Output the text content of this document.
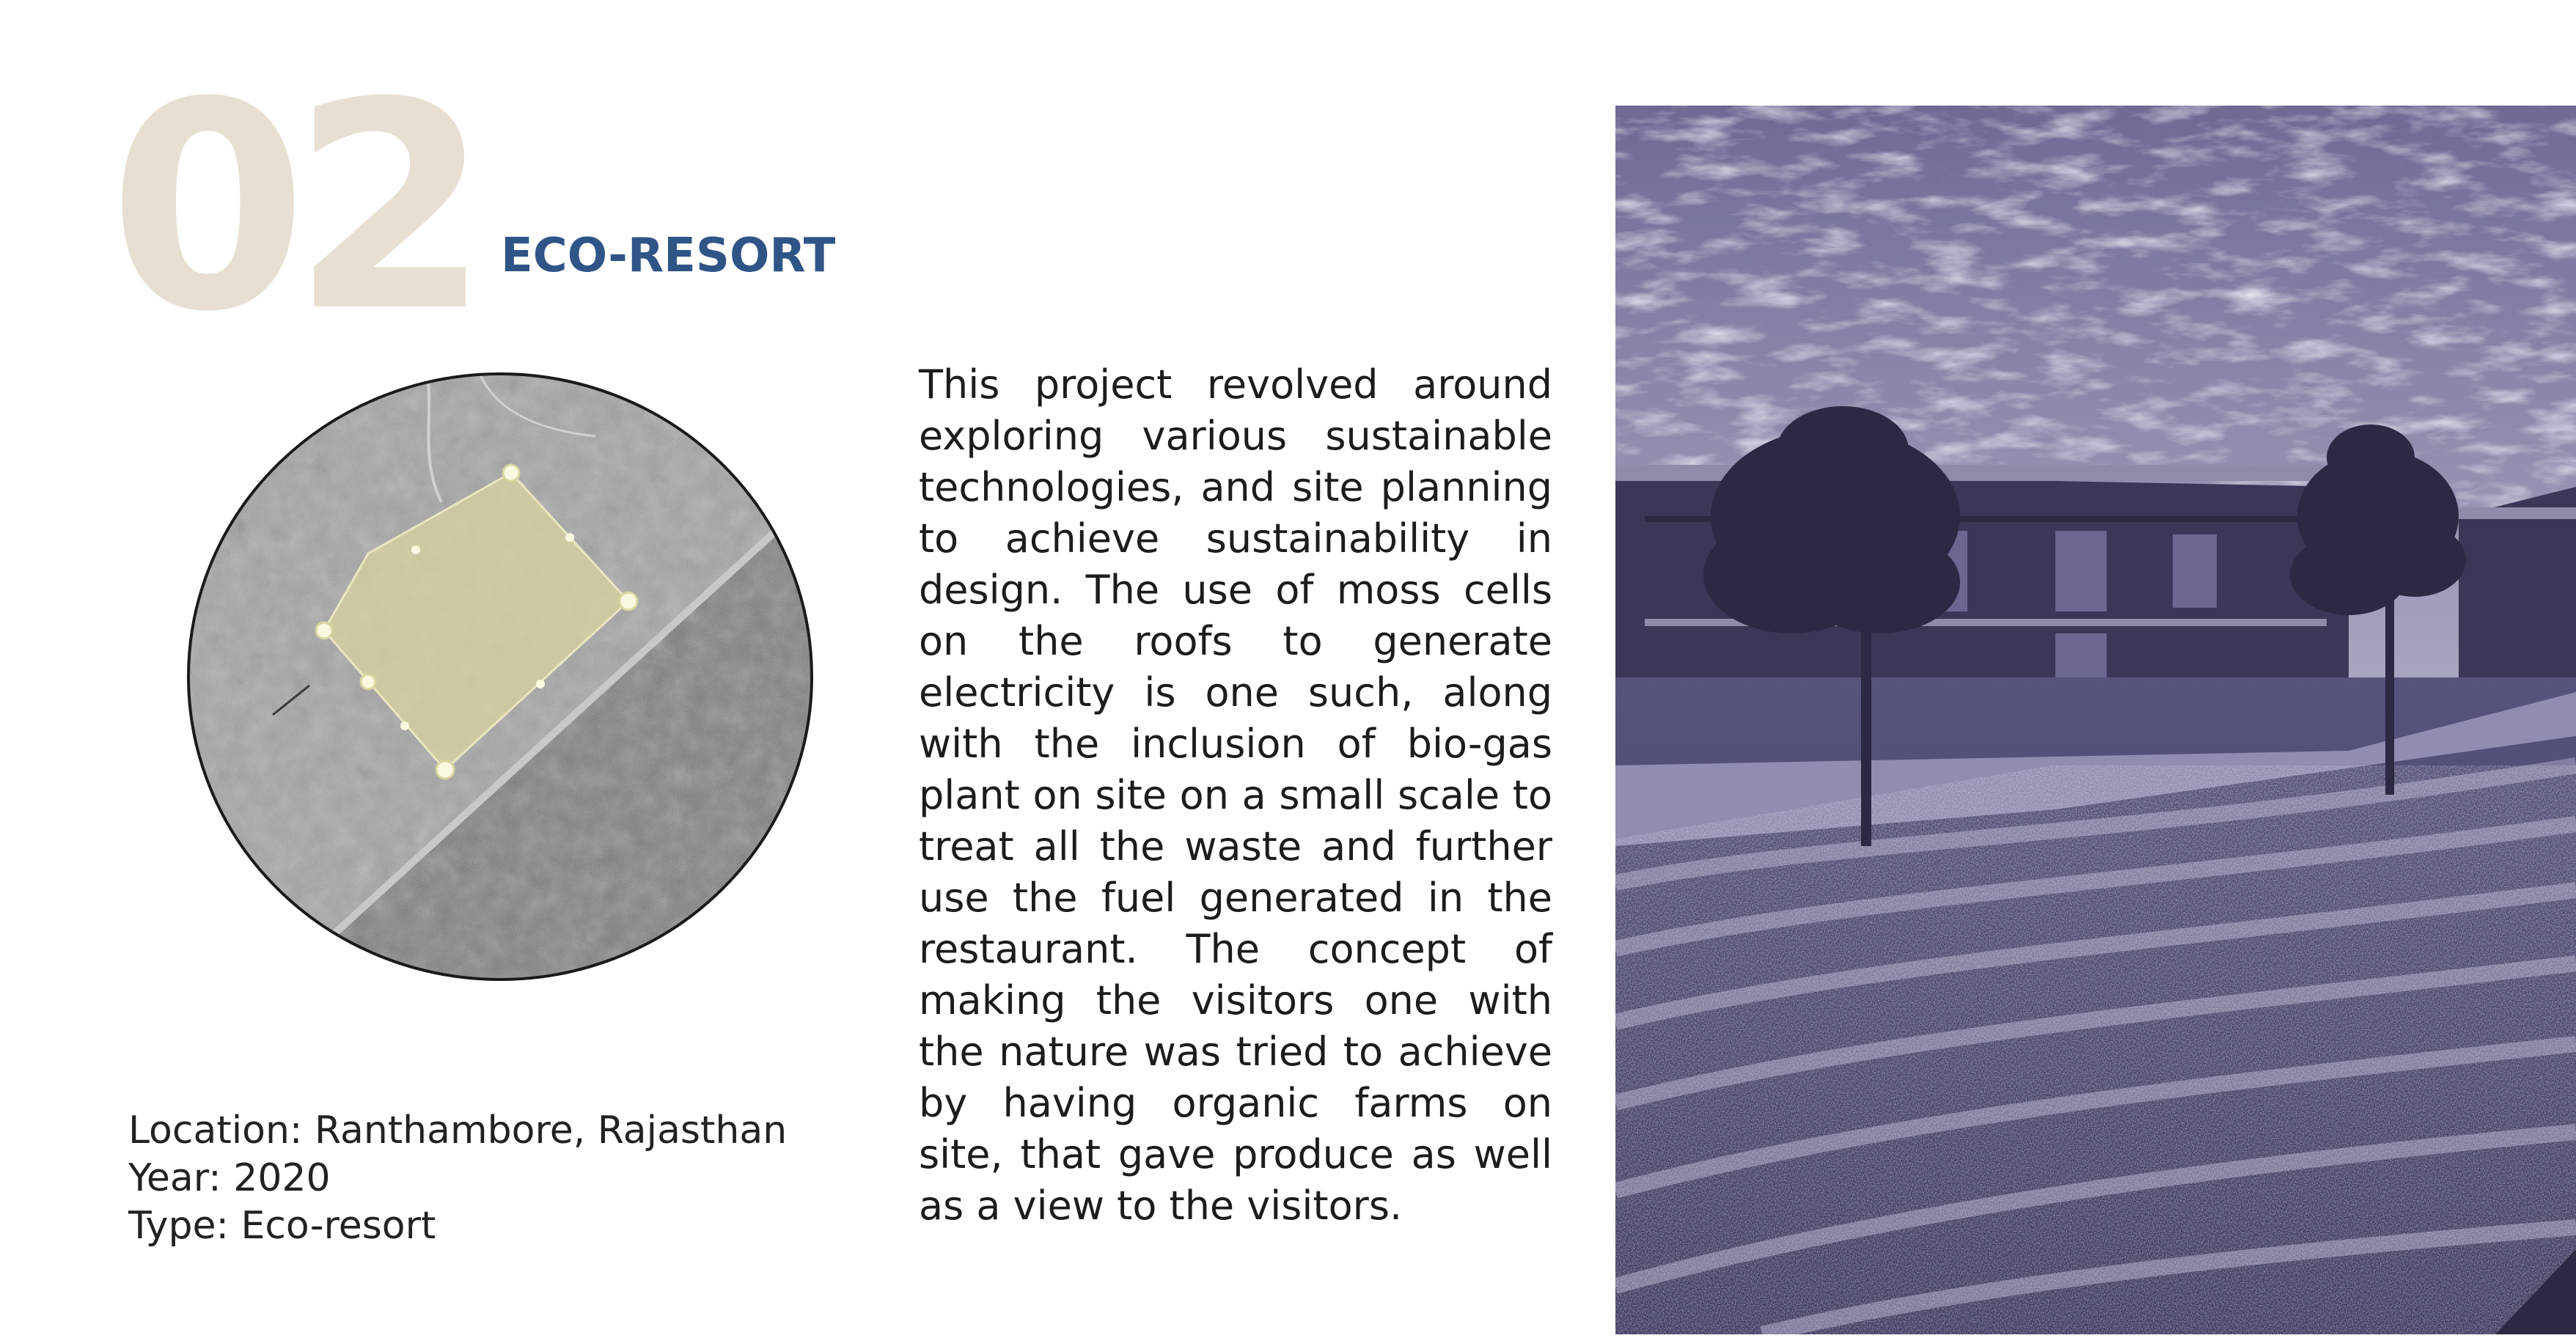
02 ECO-RESORT
Location: Ranthambore, Rajasthan
Year: 2020
Type: Eco-resort
This project revolved around exploring various sustainable technologies, and site planning to achieve sustainability in design. The use of moss cells on the roofs to generate electricity is one such, along with the inclusion of bio-gas plant on site on a small scale to treat all the waste and further use the fuel generated in the restaurant. The concept of making the visitors one with the nature was tried to achieve by having organic farms on site, that gave produce as well as a view to the visitors.
